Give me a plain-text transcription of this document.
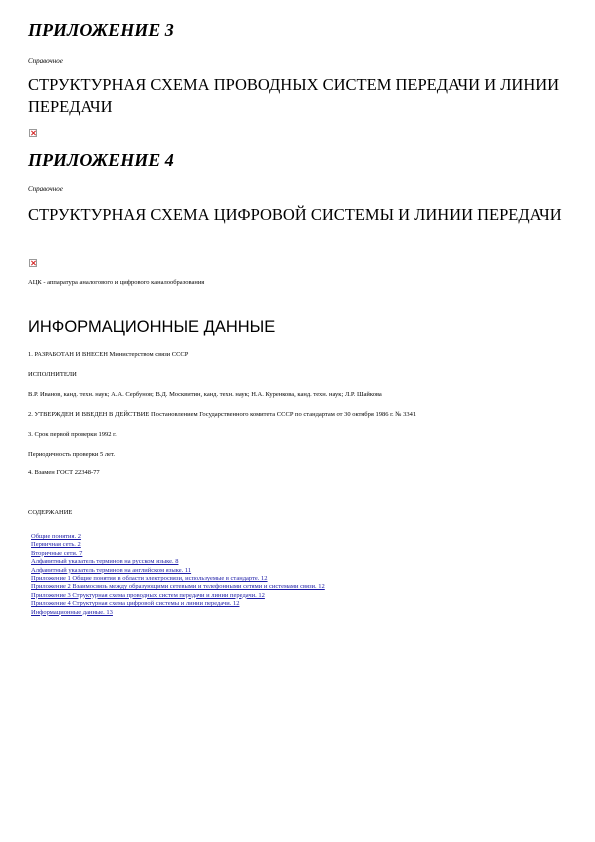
ПРИЛОЖЕНИЕ 3

Справочное

СТРУКТУРНАЯ СХЕМА ПРОВОДНЫХ СИСТЕМ ПЕРЕДАЧИ И ЛИНИИ ПЕРЕДАЧИ
ПРИЛОЖЕНИЕ 4

Справочное

СТРУКТУРНАЯ СХЕМА ЦИФРОВОЙ СИСТЕМЫ И ЛИНИИ ПЕРЕДАЧИ

АЦК - аппаратура аналогового и цифрового каналообразования

ИНФОРМАЦИОННЫЕ ДАННЫЕ

1. РАЗРАБОТАН И ВНЕСЕН Министерством связи СССР

ИСПОЛНИТЕЛИ

В.Р. Иванов, канд. техн. наук; А.А. Сербунов; В.Д. Москвитин, канд. техн. наук; Н.А. Куренкова, канд. техн. наук; Л.Р. Шайкова

2. УТВЕРЖДЕН И ВВЕДЕН В ДЕЙСТВИЕ Постановлением Государственного комитета СССР по стандартам от 30 октября 1986 г. № 3341

3. Срок первой проверки 1992 г.

Периодичность проверки 5 лет.

4. Взамен ГОСТ 22348-77

СОДЕРЖАНИЕ

Общие понятия. 2
Первичная сеть. 2
Вторичные сети. 7
Алфавитный указатель терминов на русском языке. 8
Алфавитный указатель терминов на английском языке. 11
Приложение 1 Общие понятия в области электросвязи, используемые в стандарте. 12
Приложение 2 Взаимосвязь между образующими сетевыми и телефонными сетями и системами связи. 12
Приложение 3 Структурная схема проводных систем передачи и линии передачи. 12
Приложение 4 Структурная схема цифровой системы и линии передачи. 12
Информационные данные. 13
